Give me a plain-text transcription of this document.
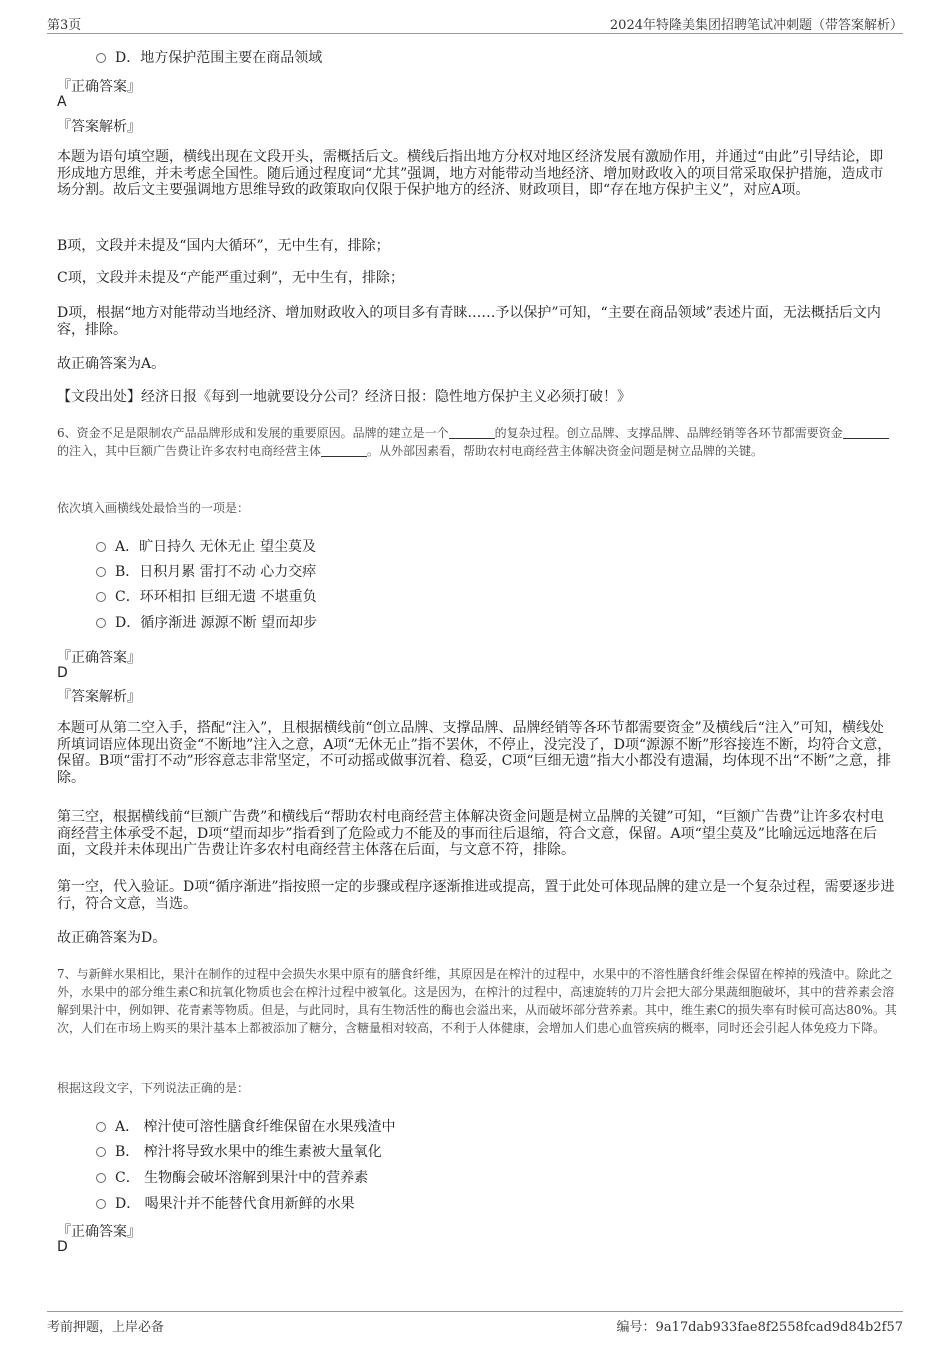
第3页	2024年特隆美集团招聘笔试冲刺题（带答案解析）
D．地方保护范围主要在商品领域
『正确答案』
A
『答案解析』
本题为语句填空题，横线出现在文段开头，需概括后文。横线后指出地方分权对地区经济发展有激励作用，并通过“由此”引导结论，即形成地方思维，并未考虑全国性。随后通过程度词“尤其”强调，地方对能带动当地经济、增加财政收入的项目常采取保护措施，造成市场分割。故后文主要强调地方思维导致的政策取向仅限于保护地方的经济、财政项目，即“存在地方保护主义”，对应A项。
B项，文段并未提及“国内大循环”，无中生有，排除；
C项，文段并未提及“产能严重过剩”，无中生有，排除；
D项，根据“地方对能带动当地经济、增加财政收入的项目多有青睐……予以保护”可知，“主要在商品领域”表述片面，无法概括后文内容，排除。
故正确答案为A。
【文段出处】经济日报《每到一地就要设分公司？经济日报：隐性地方保护主义必须打破！》
6、资金不足是限制农产品品牌形成和发展的重要原因。品牌的建立是一个	的复杂过程。创立品牌、支撑品牌、品牌经销等各环节都需要资金的注入，其中巨额广告费让许多农村电商经营主体	。从外部因素看，帮助农村电商经营主体解决资金问题是树立品牌的关键。
依次填入画横线处最恰当的一项是：
A．旷日持久 无休无止 望尘莫及
B．日积月累 雷打不动 心力交瘁
C．环环相扣 巨细无遗 不堪重负
D．循序渐进 源源不断 望而却步
『正确答案』
D
『答案解析』
本题可从第二空入手，搭配“注入”，且根据横线前“创立品牌、支撑品牌、品牌经销等各环节都需要资金”及横线后“注入”可知，横线处所填词语应体现出资金“不断地”注入之意，A项“无休无止”指不罢休，不停止，没完没了，D项“源源不断”形容接连不断，均符合文意，保留。B项“雷打不动”形容意志非常坚定，不可动摇或做事沉着、稳妥，C项“巨细无遗”指大小都没有遗漏，均体现不出“不断”之意，排除。
第三空，根据横线前“巨额广告费”和横线后“帮助农村电商经营主体解决资金问题是树立品牌的关键”可知，“巨额广告费”让许多农村电商经营主体承受不起，D项“望而却步”指看到了危险或力不能及的事而往后退缩，符合文意，保留。A项“望尘莫及”比喻远远地落在后面，文段并未体现出广告费让许多农村电商经营主体落在后面，与文意不符，排除。
第一空，代入验证。D项“循序渐进”指按照一定的步骤或程序逐渐推进或提高，置于此处可体现品牌的建立是一个复杂过程，需要逐步进行，符合文意，当选。
故正确答案为D。
7、与新鲜水果相比，果汁在制作的过程中会损失水果中原有的膳食纤维，其原因是在榨汁的过程中，水果中的不溶性膳食纤维会保留在榨掉的残渣中。除此之外，水果中的部分维生素C和抗氧化物质也会在榨汁过程中被氧化。这是因为，在榨汁的过程中，高速旋转的刀片会把大部分果蔬细胞破坏，其中的营养素会溶解到果汁中，例如钾、花青素等物质。但是，与此同时，具有生物活性的酶也会溢出来，从而破坏部分营养素。其中，维生素C的损失率有时候可高达80%。其次，人们在市场上购买的果汁基本上都被添加了糖分，含糖量相对较高，不利于人体健康，会增加人们患心血管疾病的概率，同时还会引起人体免疫力下降。
根据这段文字，下列说法正确的是：
A． 榨汁使可溶性膳食纤维保留在水果残渣中
B． 榨汁将导致水果中的维生素被大量氧化
C． 生物酶会破坏溶解到果汁中的营养素
D． 喝果汁并不能替代食用新鲜的水果
『正确答案』
D
考前押题，上岸必备	编号：9a17dab933fae8f2558fcad9d84b2f57
